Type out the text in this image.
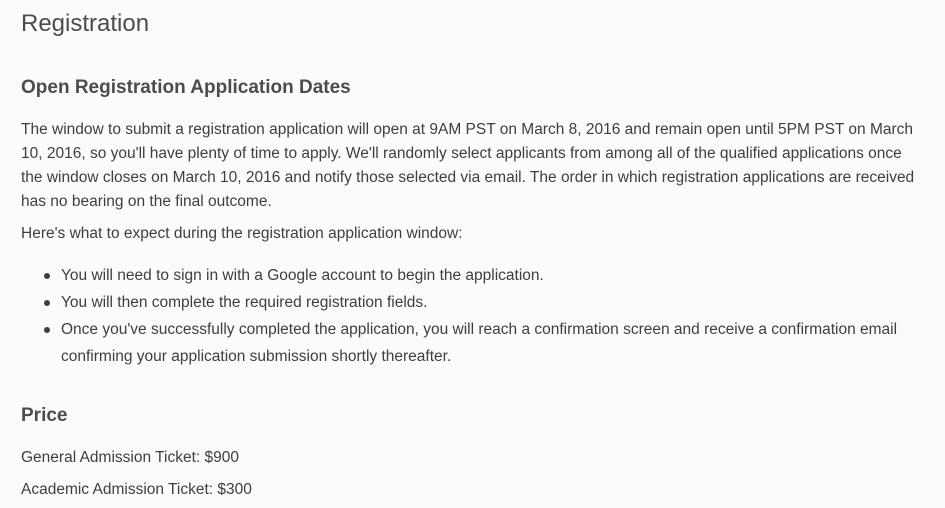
Registration
Open Registration Application Dates

The window to submit a registration application will open at 9AM PST on March 8, 2016 and remain open until 5PM PST on March 10, 2016, so you'll have plenty of time to apply. We'll randomly select applicants from among all of the qualified applications once the window closes on March 10, 2016 and notify those selected via email. The order in which registration applications are received has no bearing on the final outcome.

Here's what to expect during the registration application window:

You will need to sign in with a Google account to begin the application.
You will then complete the required registration fields.
Once you've successfully completed the application, you will reach a confirmation screen and receive a confirmation email confirming your application submission shortly thereafter.
Price

General Admission Ticket: $900

Academic Admission Ticket: $300
